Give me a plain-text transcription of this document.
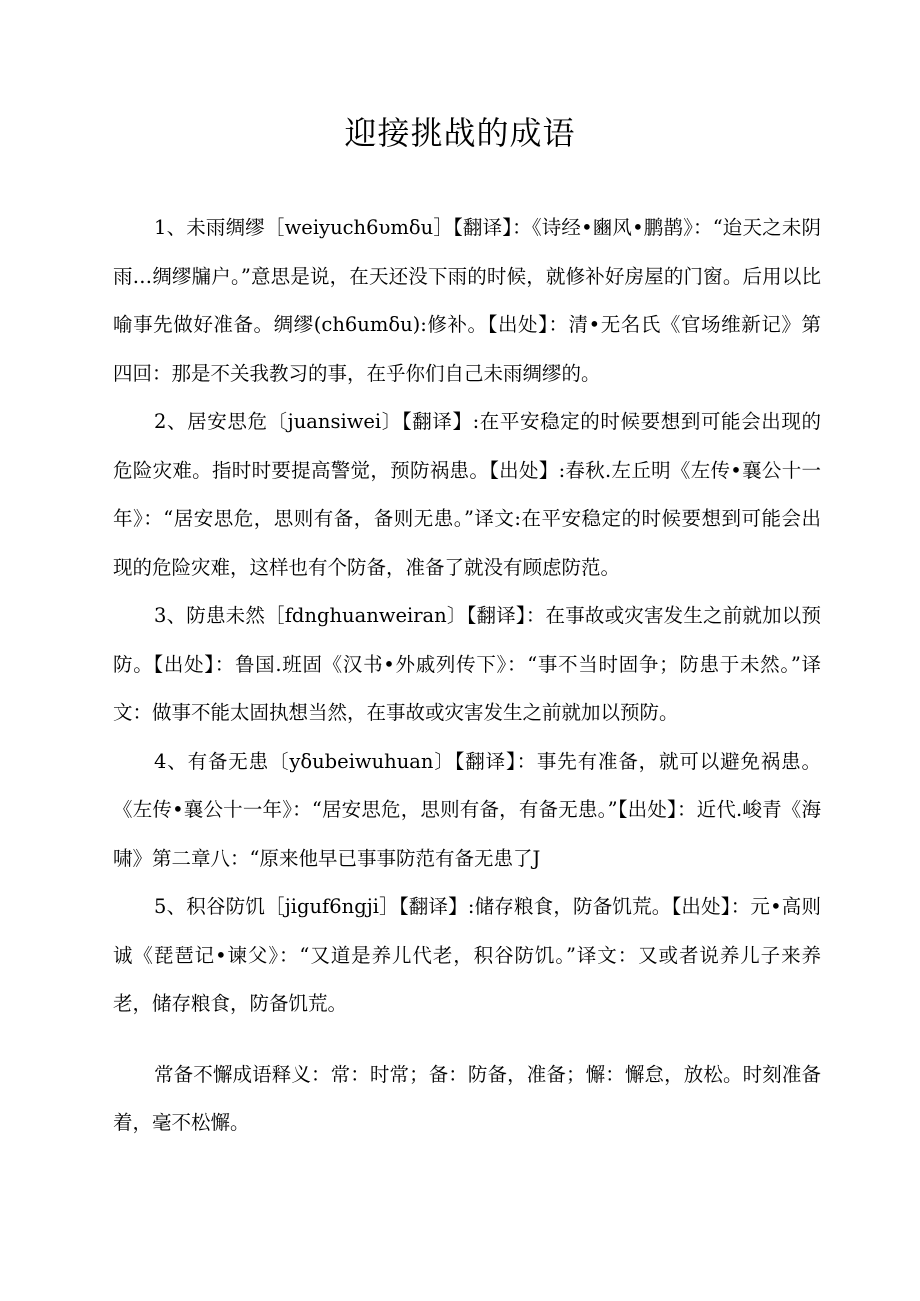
迎接挑战的成语

1、未雨绸缪［weiyuch6υmδu］【翻译】：《诗经•豳风•鹏鹊》：“迨天之未阴雨…绸缪牖户。”意思是说，在天还没下雨的时候，就修补好房屋的门窗。后用以比喻事先做好准备。绸缪(ch6umδu):修补。【出处】：清•无名氏《官场维新记》第四回：那是不关我教习的事，在乎你们自己未雨绸缪的。

2、居安思危〔juansiwei〕【翻译】:在平安稳定的时候要想到可能会出现的危险灾难。指时时要提高警觉，预防祸患。【出处】:春秋.左丘明《左传•襄公十一年》：“居安思危，思则有备，备则无患。”译文:在平安稳定的时候要想到可能会出现的危险灾难，这样也有个防备，准备了就没有顾虑防范。

3、防患未然［fdnghuanweiran〕【翻译】：在事故或灾害发生之前就加以预防。【出处】：鲁国.班固《汉书•外戚列传下》：“事不当时固争；防患于未然。”译文：做事不能太固执想当然，在事故或灾害发生之前就加以预防。

4、有备无患〔yδubeiwuhuan〕【翻译】：事先有准备，就可以避免祸患。《左传•襄公十一年》：“居安思危，思则有备，有备无患。”【出处】：近代.峻青《海啸》第二章八：“原来他早已事事防范有备无患了J

5、积谷防饥［jiguf6ngji］【翻译】:储存粮食，防备饥荒。【出处】：元•高则诚《琵琶记•谏父》：“又道是养儿代老，积谷防饥。”译文：又或者说养儿子来养老，储存粮食，防备饥荒。

常备不懈成语释义：常：时常；备：防备，准备；懈：懈怠，放松。时刻准备着，毫不松懈。
